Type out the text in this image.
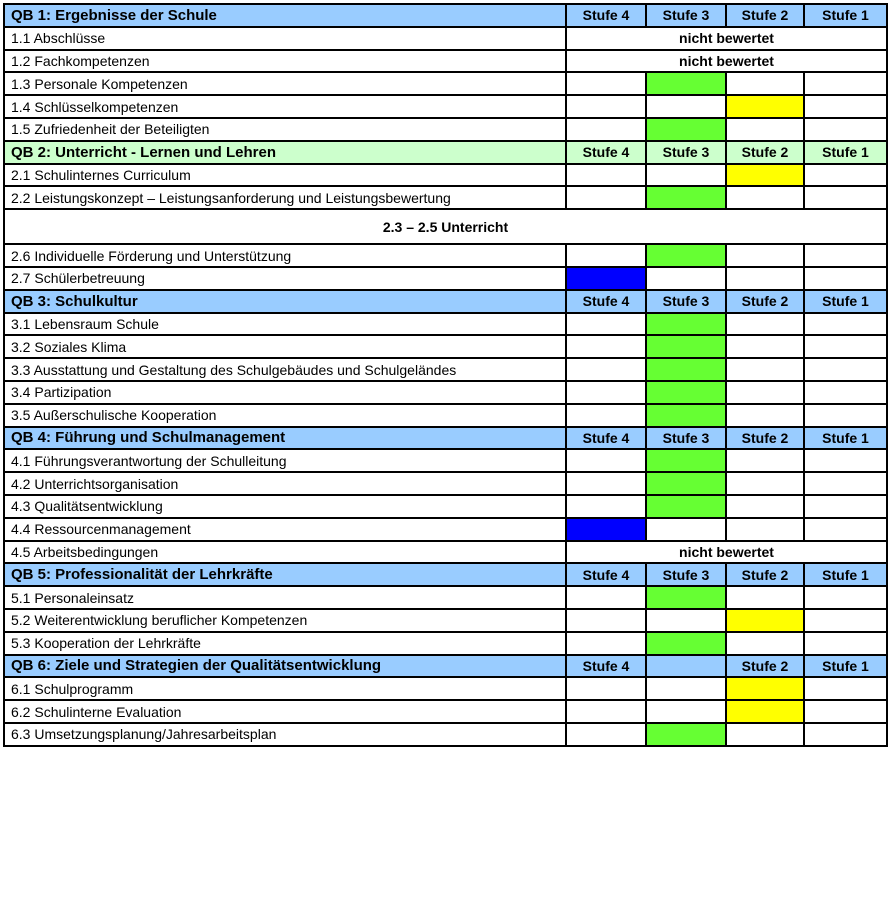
QB 1: Ergebnisse der Schule	Stufe 4	Stufe 3	Stufe 2	Stufe 1
1.1 Abschlüsse	nicht bewertet			
1.2 Fachkompetenzen	nicht bewertet			
1.3 Personale Kompetenzen				
1.4 Schlüsselkompetenzen				
1.5 Zufriedenheit der Beteiligten				
QB 2: Unterricht - Lernen und Lehren	Stufe 4	Stufe 3	Stufe 2	Stufe 1
2.1 Schulinternes Curriculum				
2.2 Leistungskonzept – Leistungsanforderung und Leistungsbewertung				
2.3 – 2.5 Unterricht				
2.6 Individuelle Förderung und Unterstützung				
2.7 Schülerbetreuung				
QB 3: Schulkultur	Stufe 4	Stufe 3	Stufe 2	Stufe 1
3.1 Lebensraum Schule				
3.2 Soziales Klima				
3.3 Ausstattung und Gestaltung des Schulgebäudes und Schulgeländes				
3.4 Partizipation				
3.5 Außerschulische Kooperation				
QB 4: Führung und Schulmanagement	Stufe 4	Stufe 3	Stufe 2	Stufe 1
4.1 Führungsverantwortung der Schulleitung				
4.2 Unterrichtsorganisation				
4.3 Qualitätsentwicklung				
4.4 Ressourcenmanagement				
4.5 Arbeitsbedingungen	nicht bewertet			
QB 5: Professionalität der Lehrkräfte	Stufe 4	Stufe 3	Stufe 2	Stufe 1
5.1 Personaleinsatz				
5.2 Weiterentwicklung beruflicher Kompetenzen				
5.3 Kooperation der Lehrkräfte				
QB 6: Ziele und Strategien der Qualitätsentwicklung	Stufe 4		Stufe 2	Stufe 1
6.1 Schulprogramm				
6.2 Schulinterne Evaluation				
6.3 Umsetzungsplanung/Jahresarbeitsplan				
